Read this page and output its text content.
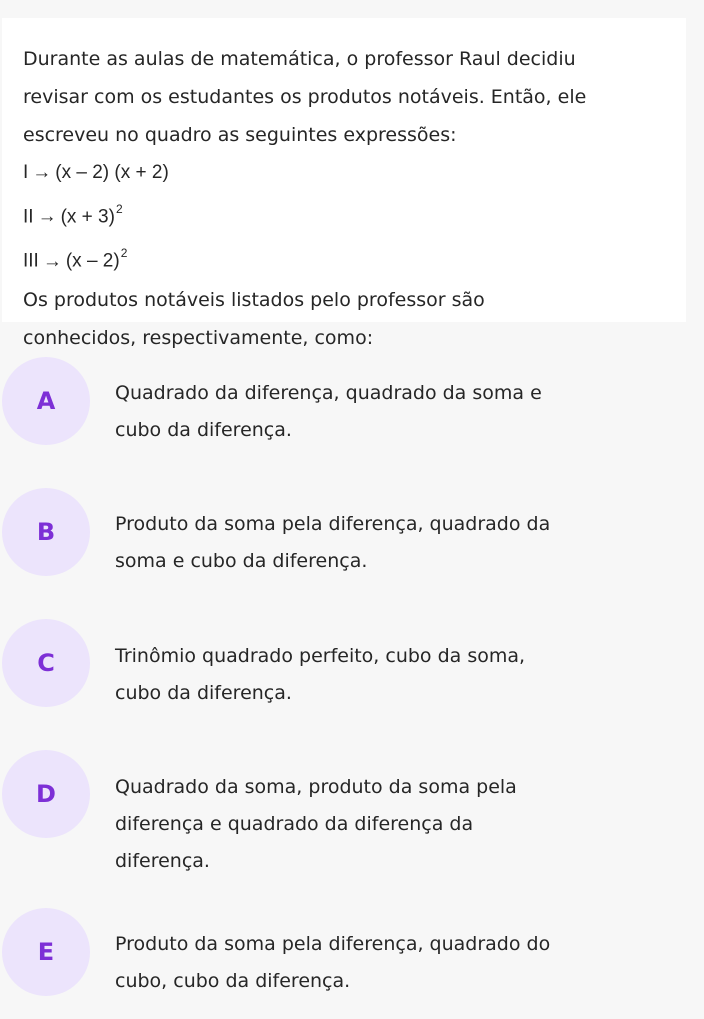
Durante as aulas de matemática, o professor Raul decidiu
revisar com os estudantes os produtos notáveis. Então, ele
escreveu no quadro as seguintes expressões:
I → (x – 2) (x + 2)
II → $(x + 3)^2$
III → (x – 2)$^2$
Os produtos notáveis listados pelo professor são
conhecidos, respectivamente, como:
A	Quadrado da diferença, quadrado da soma e
cubo da diferença.
B	Produto da soma pela diferença, quadrado da
soma e cubo da diferença.
C	Trinômio quadrado perfeito, cubo da soma,
cubo da diferença.
D	Quadrado da soma, produto da soma pela
diferença e quadrado da diferença da
diferença.
E	Produto da soma pela diferença, quadrado do
cubo, cubo da diferença.
